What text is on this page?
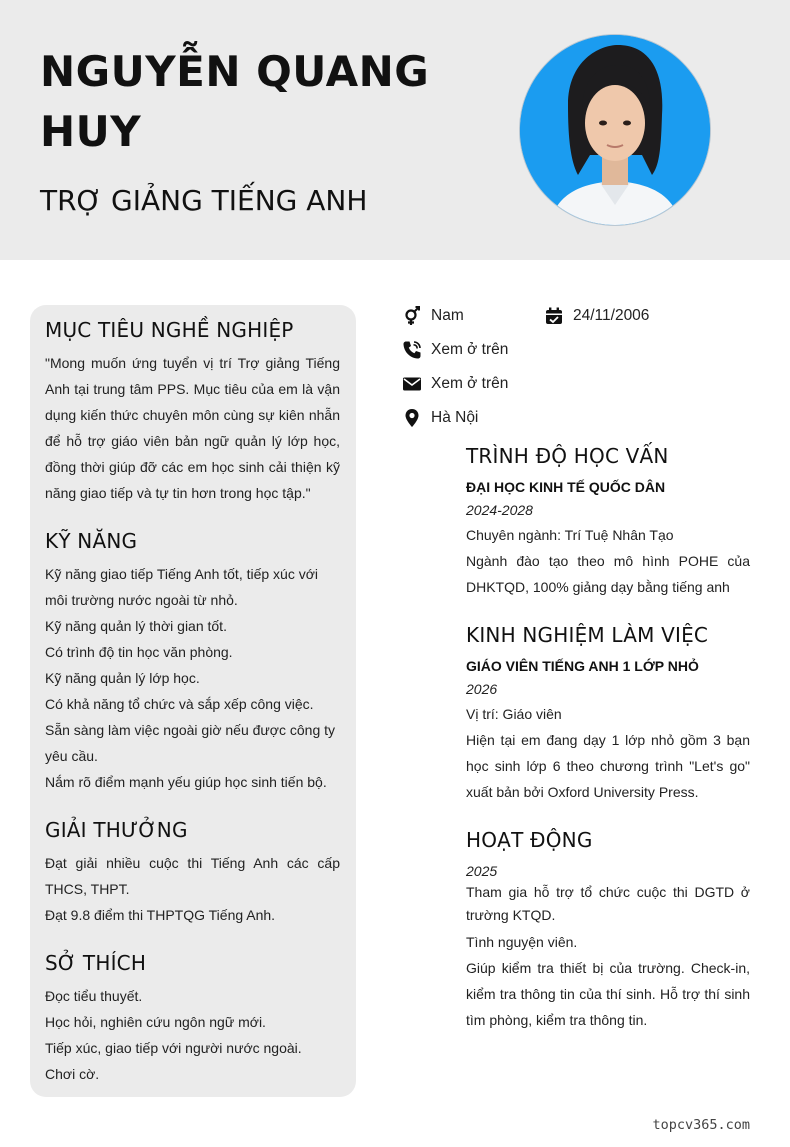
NGUYỄN QUANG HUY
TRỢ GIẢNG TIẾNG ANH
MỤC TIÊU NGHỀ NGHIỆP
"Mong muốn ứng tuyển vị trí Trợ giảng Tiếng Anh tại trung tâm PPS. Mục tiêu của em là vận dụng kiến thức chuyên môn cùng sự kiên nhẫn để hỗ trợ giáo viên bản ngữ quản lý lớp học, đồng thời giúp đỡ các em học sinh cải thiện kỹ năng giao tiếp và tự tin hơn trong học tập."
KỸ NĂNG

Kỹ năng giao tiếp Tiếng Anh tốt, tiếp xúc với môi trường nước ngoài từ nhỏ.

Kỹ năng quản lý thời gian tốt.

Có trình độ tin học văn phòng.

Kỹ năng quản lý lớp học.

Có khả năng tổ chức và sắp xếp công việc.

Sẵn sàng làm việc ngoài giờ nếu được công ty yêu cầu.

Nắm rõ điểm mạnh yếu giúp học sinh tiến bộ.

GIẢI THƯỞNG

Đạt giải nhiều cuộc thi Tiếng Anh các cấp THCS, THPT.

Đạt 9.8 điểm thi THPTQG Tiếng Anh.

SỞ THÍCH

Đọc tiểu thuyết.

Học hỏi, nghiên cứu ngôn ngữ mới.

Tiếp xúc, giao tiếp với người nước ngoài.

Chơi cờ.

Nam	24/11/2006
Xem ở trên
Xem ở trên
Hà Nội
TRÌNH ĐỘ HỌC VẤN
ĐẠI HỌC KINH TẾ QUỐC DÂN
2024-2028
Chuyên ngành: Trí Tuệ Nhân Tạo
Ngành đào tạo theo mô hình POHE của DHKTQD, 100% giảng dạy bằng tiếng anh
KINH NGHIỆM LÀM VIỆC
GIÁO VIÊN TIẾNG ANH 1 LỚP NHỎ
2026
Vị trí: Giáo viên
Hiện tại em đang dạy 1 lớp nhỏ gồm 3 bạn học sinh lớp 6 theo chương trình "Let's go" xuất bản bởi Oxford University Press.
HOẠT ĐỘNG
2025
Tham gia hỗ trợ tổ chức cuộc thi DGTD ở trường KTQD.
Tình nguyện viên.
Giúp kiểm tra thiết bị của trường. Check-in, kiểm tra thông tin của thí sinh. Hỗ trợ thí sinh tìm phòng, kiểm tra thông tin.
topcv365.com
